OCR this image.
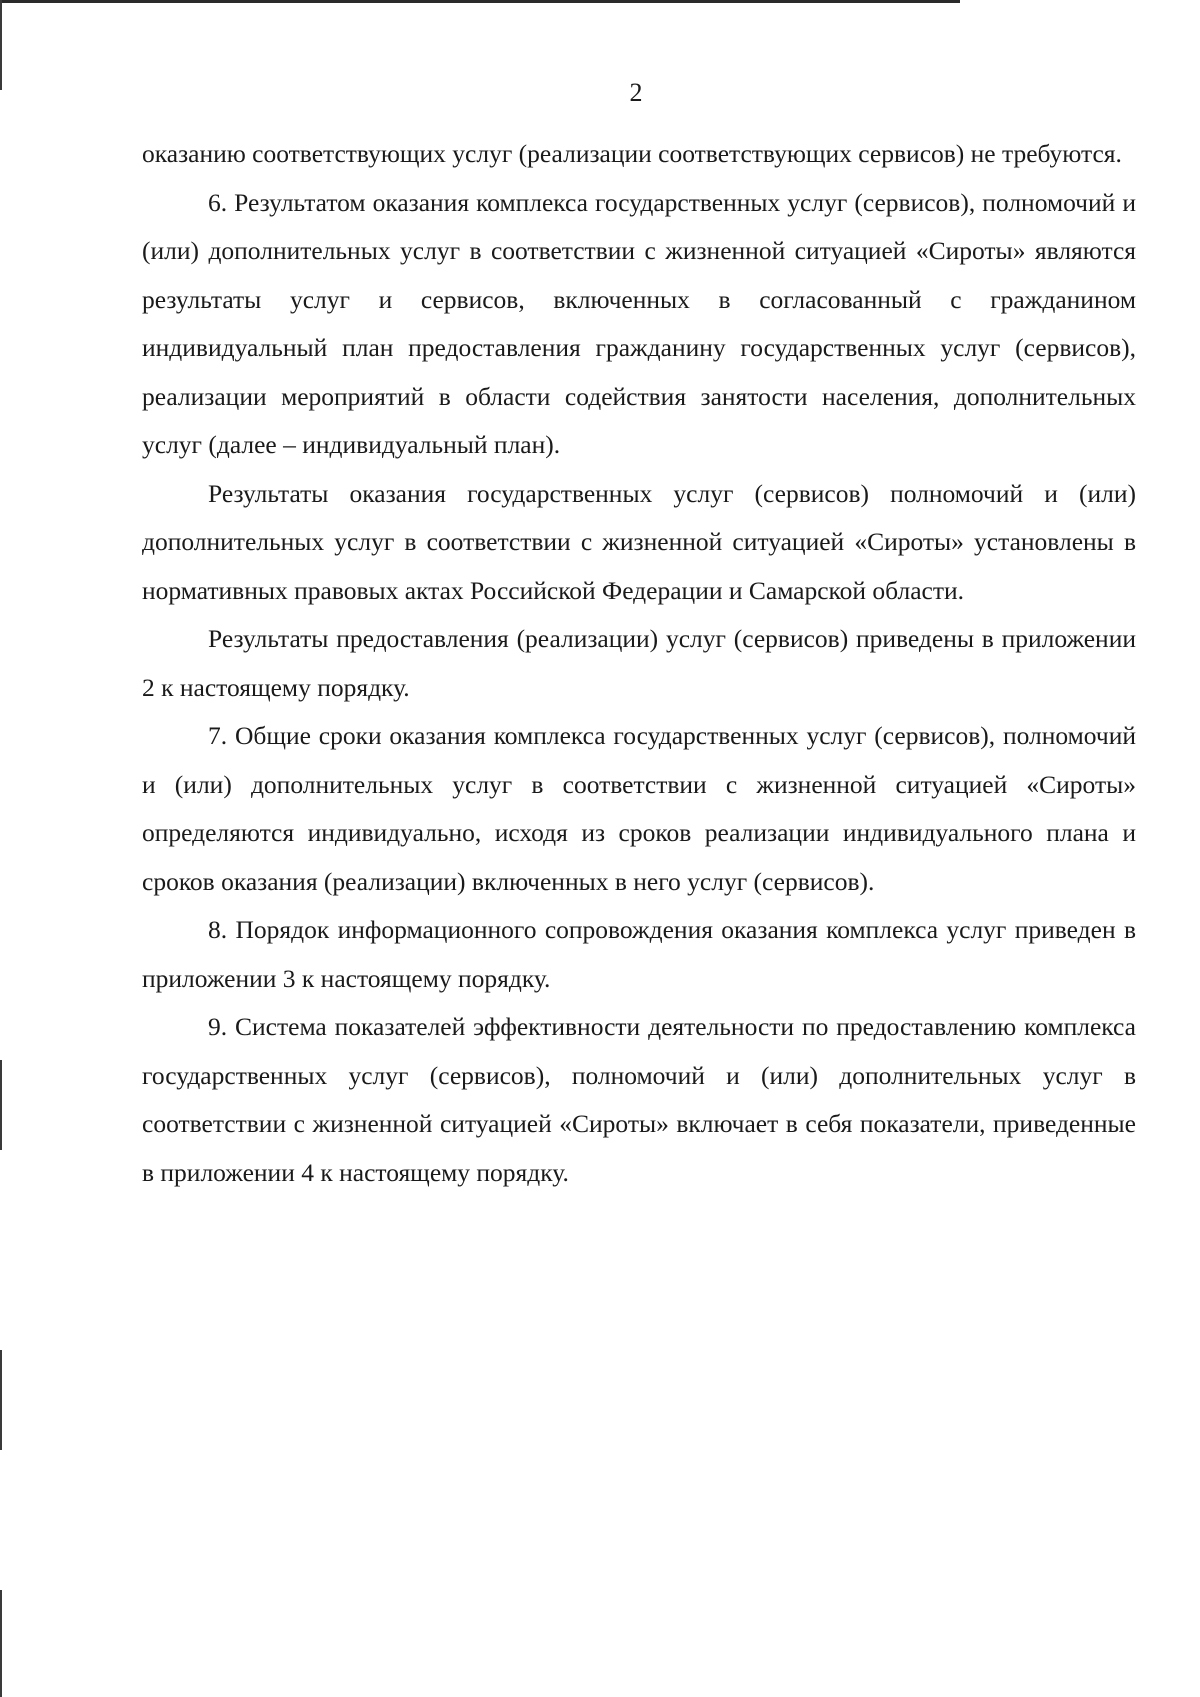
2

оказанию соответствующих услуг (реализации соответствующих сервисов) не требуются.

6. Результатом оказания комплекса государственных услуг (сервисов), полномочий и (или) дополнительных услуг в соответствии с жизненной ситуацией «Сироты» являются результаты услуг и сервисов, включенных в согласованный с гражданином индивидуальный план предоставления гражданину государственных услуг (сервисов), реализации мероприятий в области содействия занятости населения, дополнительных услуг (далее – индивидуальный план).

Результаты оказания государственных услуг (сервисов) полномочий и (или) дополнительных услуг в соответствии с жизненной ситуацией «Сироты» установлены в нормативных правовых актах Российской Федерации и Самарской области.

Результаты предоставления (реализации) услуг (сервисов) приведены в приложении 2 к настоящему порядку.

7. Общие сроки оказания комплекса государственных услуг (сервисов), полномочий и (или) дополнительных услуг в соответствии с жизненной ситуацией «Сироты» определяются индивидуально, исходя из сроков реализации индивидуального плана и сроков оказания (реализации) включенных в него услуг (сервисов).

8. Порядок информационного сопровождения оказания комплекса услуг приведен в приложении 3 к настоящему порядку.

9. Система показателей эффективности деятельности по предоставлению комплекса государственных услуг (сервисов), полномочий и (или) дополнительных услуг в соответствии с жизненной ситуацией «Сироты» включает в себя показатели, приведенные в приложении 4 к настоящему порядку.
